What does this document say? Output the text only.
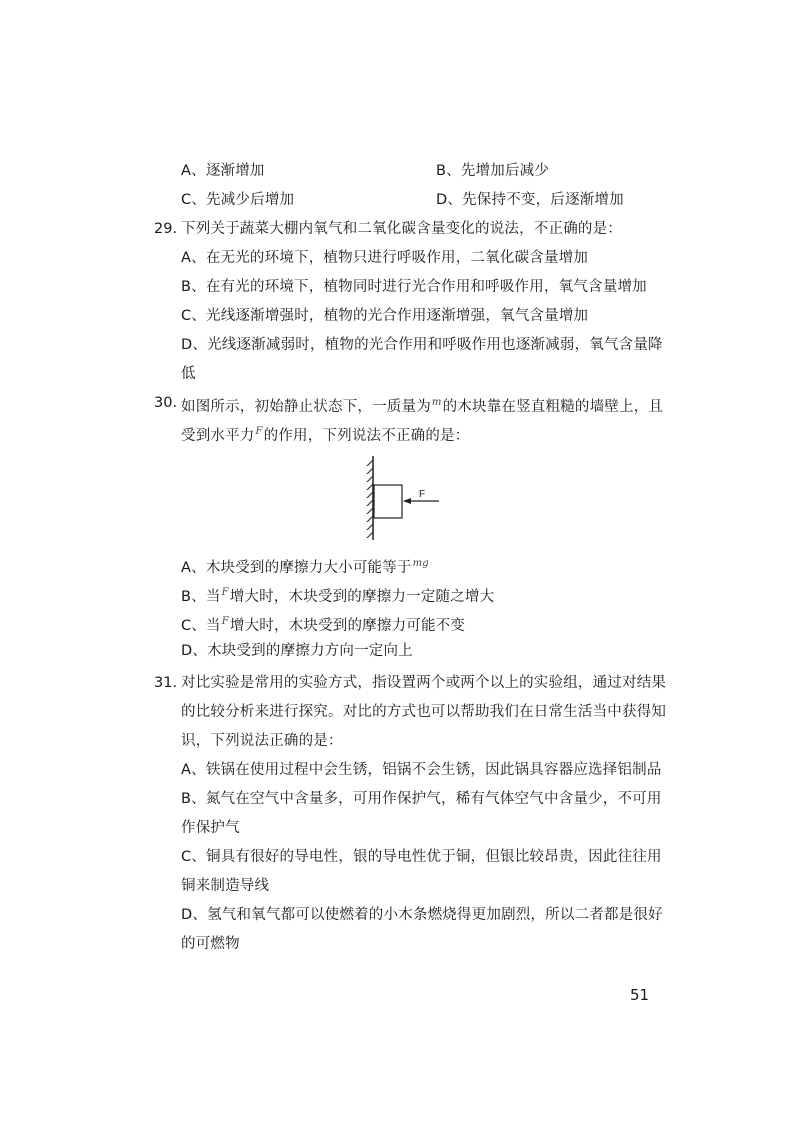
A、逐渐增加	B、先增加后减少
C、先减少后增加	D、先保持不变，后逐渐增加
29. 下列关于蔬菜大棚内氧气和二氧化碳含量变化的说法，不正确的是：
A、在无光的环境下，植物只进行呼吸作用，二氧化碳含量增加
B、在有光的环境下，植物同时进行光合作用和呼吸作用，氧气含量增加
C、光线逐渐增强时，植物的光合作用逐渐增强，氧气含量增加
D、光线逐渐减弱时，植物的光合作用和呼吸作用也逐渐减弱，氧气含量降
低
30. 如图所示，初始静止状态下，一质量为$^m$的木块靠在竖直粗糙的墙壁上，且
受到水平力$^F$的作用，下列说法不正确的是：
F
A、木块受到的摩擦力大小可能等于$^{mg}$
B、当$^F$增大时，木块受到的摩擦力一定随之增大
C、当$^F$增大时，木块受到的摩擦力可能不变
D、木块受到的摩擦力方向一定向上
31. 对比实验是常用的实验方式，指设置两个或两个以上的实验组，通过对结果
的比较分析来进行探究。对比的方式也可以帮助我们在日常生活当中获得知
识，下列说法正确的是：
A、铁锅在使用过程中会生锈，铝锅不会生锈，因此锅具容器应选择铝制品
B、氮气在空气中含量多，可用作保护气，稀有气体空气中含量少，不可用
作保护气
C、铜具有很好的导电性，银的导电性优于铜，但银比较昂贵，因此往往用
铜来制造导线
D、氢气和氧气都可以使燃着的小木条燃烧得更加剧烈，所以二者都是很好
的可燃物
51
